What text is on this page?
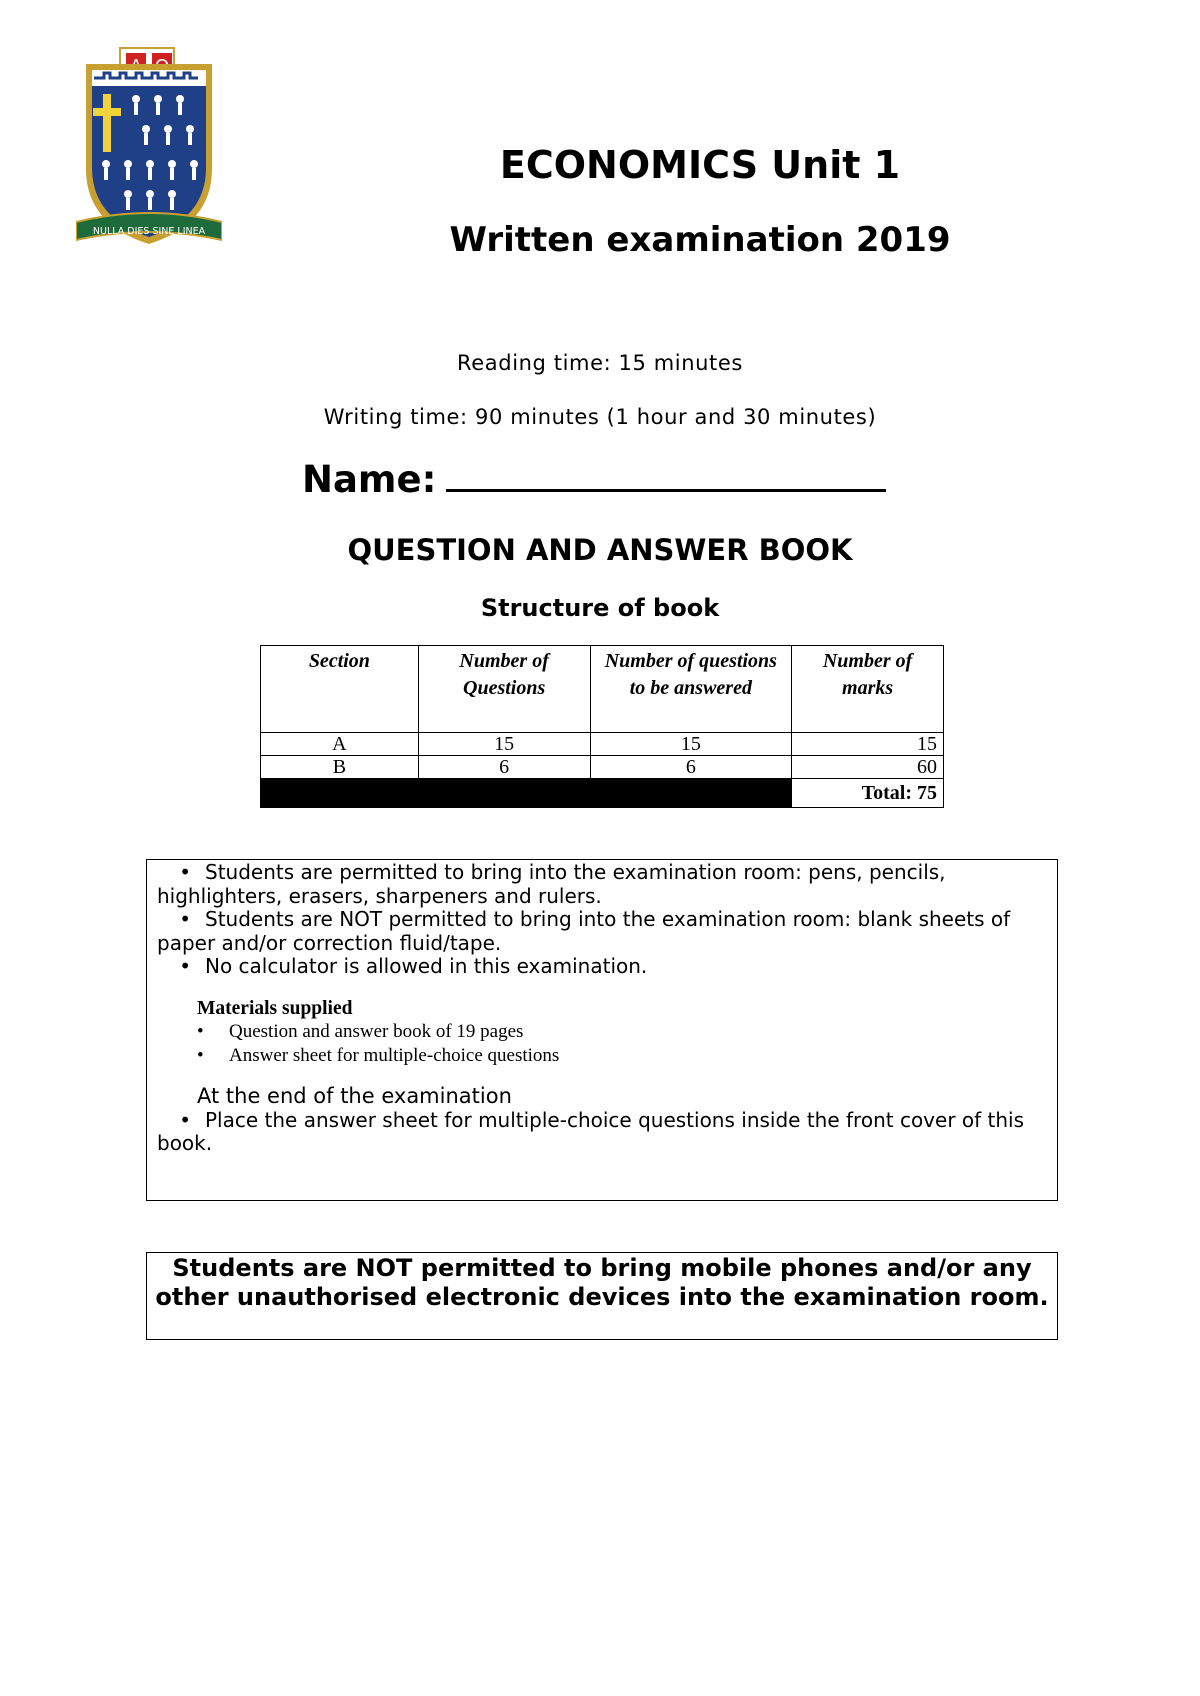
NULLA DIES SINE LINEA
ECONOMICS Unit 1
Written examination 2019
Reading time: 15 minutes
Writing time: 90 minutes (1 hour and 30 minutes)
Name:
QUESTION AND ANSWER BOOK
Structure of book
Section	Number of Questions	Number of questions to be answered	Number of marks
A	15	15	15
B	6	6	60
			Total: 75
• Students are permitted to bring into the examination room: pens, pencils, highlighters, erasers, sharpeners and rulers.
• Students are NOT permitted to bring into the examination room: blank sheets of paper and/or correction fluid/tape.
• No calculator is allowed in this examination.
Materials supplied
• Question and answer book of 19 pages
• Answer sheet for multiple-choice questions
At the end of the examination
• Place the answer sheet for multiple-choice questions inside the front cover of this book.
Students are NOT permitted to bring mobile phones and/or any other unauthorised electronic devices into the examination room.
